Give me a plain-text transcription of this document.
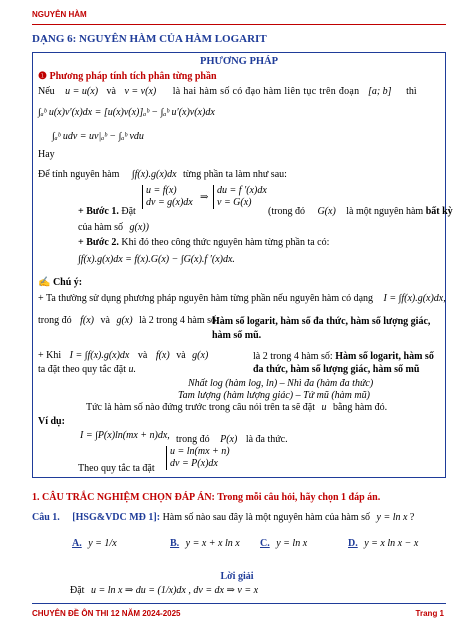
NGUYÊN HÀM
DẠNG 6: NGUYÊN HÀM CỦA HÀM LOGARIT
PHƯƠNG PHÁP
❶ Phương pháp tính tích phân từng phần
Nếu u = u(x) và v = v(x) là hai hàm số có đạo hàm liên tục trên đoạn [a; b] thì
∫ₐᵇ u(x)v′(x)dx = [u(x)v(x)]ₐᵇ − ∫ₐᵇ u′(x)v(x)dx
∫ₐᵇ udv = uv|ₐᵇ − ∫ₐᵇ vdu
Hay
Để tính nguyên hàm ∫f(x).g(x)dx từng phần ta làm như sau:
+ Bước 1. Đặt
u = f(x)
dv = g(x)dx ⇒
du = f ′(x)dx
v = G(x)
(trong đó G(x) là một nguyên hàm bất kỳ
của hàm số g(x))
+ Bước 2. Khi đó theo công thức nguyên hàm từng phần ta có:
∫f(x).g(x)dx = f(x).G(x) − ∫G(x).f ′(x)dx.
✍ Chú ý:
+ Ta thường sử dụng phương pháp nguyên hàm từng phần nếu nguyên hàm có dạng I = ∫f(x).g(x)dx,
trong đó f(x) và g(x) là 2 trong 4 hàm số:
Hàm số logarit, hàm số đa thức, hàm số lượng giác, hàm số mũ.
+ Khi I = ∫f(x).g(x)dx và f(x) và g(x)	là 2 trong 4 hàm số: Hàm số logarit, hàm số đa thức, hàm số lượng giác, hàm số mũ
ta đặt theo quy tắc đặt u.
Nhất log (hàm log, ln) – Nhì đa (hàm đa thức)
Tam lượng (hàm lượng giác) – Tứ mũ (hàm mũ)
Tức là hàm số nào đứng trước trong câu nói trên ta sẽ đặt u bằng hàm đó.
Ví dụ:
I = ∫P(x)ln(mx + n)dx, trong đó P(x) là đa thức.
Theo quy tắc ta đặt
u = ln(mx + n)
dv = P(x)dx
1. CÂU TRẮC NGHIỆM CHỌN ĐÁP ÁN: Trong mỗi câu hỏi, hãy chọn 1 đáp án.
Câu 1. [HSG&VDC MĐ 1]: Hàm số nào sau đây là một nguyên hàm của hàm số y = ln x ?
A. y = 1/x	B. y = x + x ln x C. y = ln x	D. y = x ln x − x
Lời giải
Đặt u = ln x ⇒ du = (1/x)dx , dv = dx ⇒ v = x
CHUYÊN ĐỀ ÔN THI 12 NĂM 2024-2025	Trang 1
